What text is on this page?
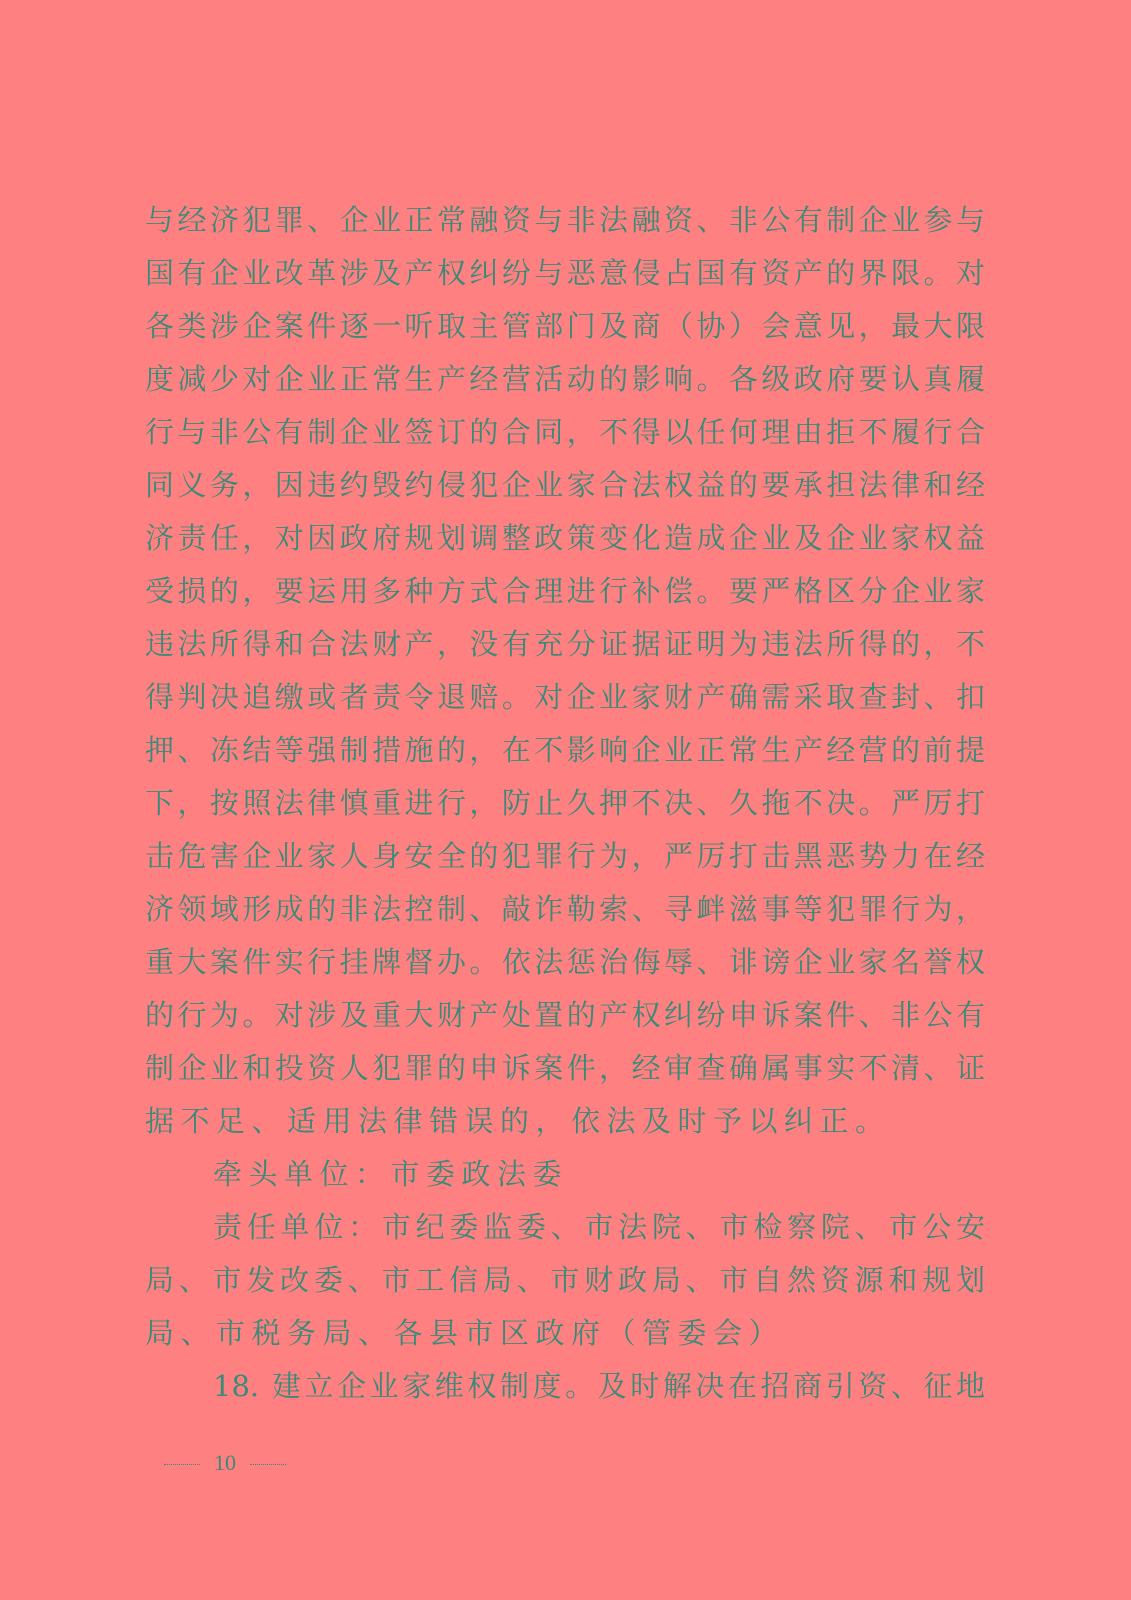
与经济犯罪、企业正常融资与非法融资、非公有制企业参与
国有企业改革涉及产权纠纷与恶意侵占国有资产的界限。对
各类涉企案件逐一听取主管部门及商（协）会意见，最大限
度减少对企业正常生产经营活动的影响。各级政府要认真履
行与非公有制企业签订的合同，不得以任何理由拒不履行合
同义务，因违约毁约侵犯企业家合法权益的要承担法律和经
济责任，对因政府规划调整政策变化造成企业及企业家权益
受损的，要运用多种方式合理进行补偿。要严格区分企业家
违法所得和合法财产，没有充分证据证明为违法所得的，不
得判决追缴或者责令退赔。对企业家财产确需采取查封、扣
押、冻结等强制措施的，在不影响企业正常生产经营的前提
下，按照法律慎重进行，防止久押不决、久拖不决。严厉打
击危害企业家人身安全的犯罪行为，严厉打击黑恶势力在经
济领域形成的非法控制、敲诈勒索、寻衅滋事等犯罪行为，
重大案件实行挂牌督办。依法惩治侮辱、诽谤企业家名誉权
的行为。对涉及重大财产处置的产权纠纷申诉案件、非公有
制企业和投资人犯罪的申诉案件，经审查确属事实不清、证
据不足、适用法律错误的，依法及时予以纠正。
牵头单位：市委政法委
责任单位：市纪委监委、市法院、市检察院、市公安
局、市发改委、市工信局、市财政局、市自然资源和规划
局、市税务局、各县市区政府（管委会）
18. 建立企业家维权制度。及时解决在招商引资、征地
10
